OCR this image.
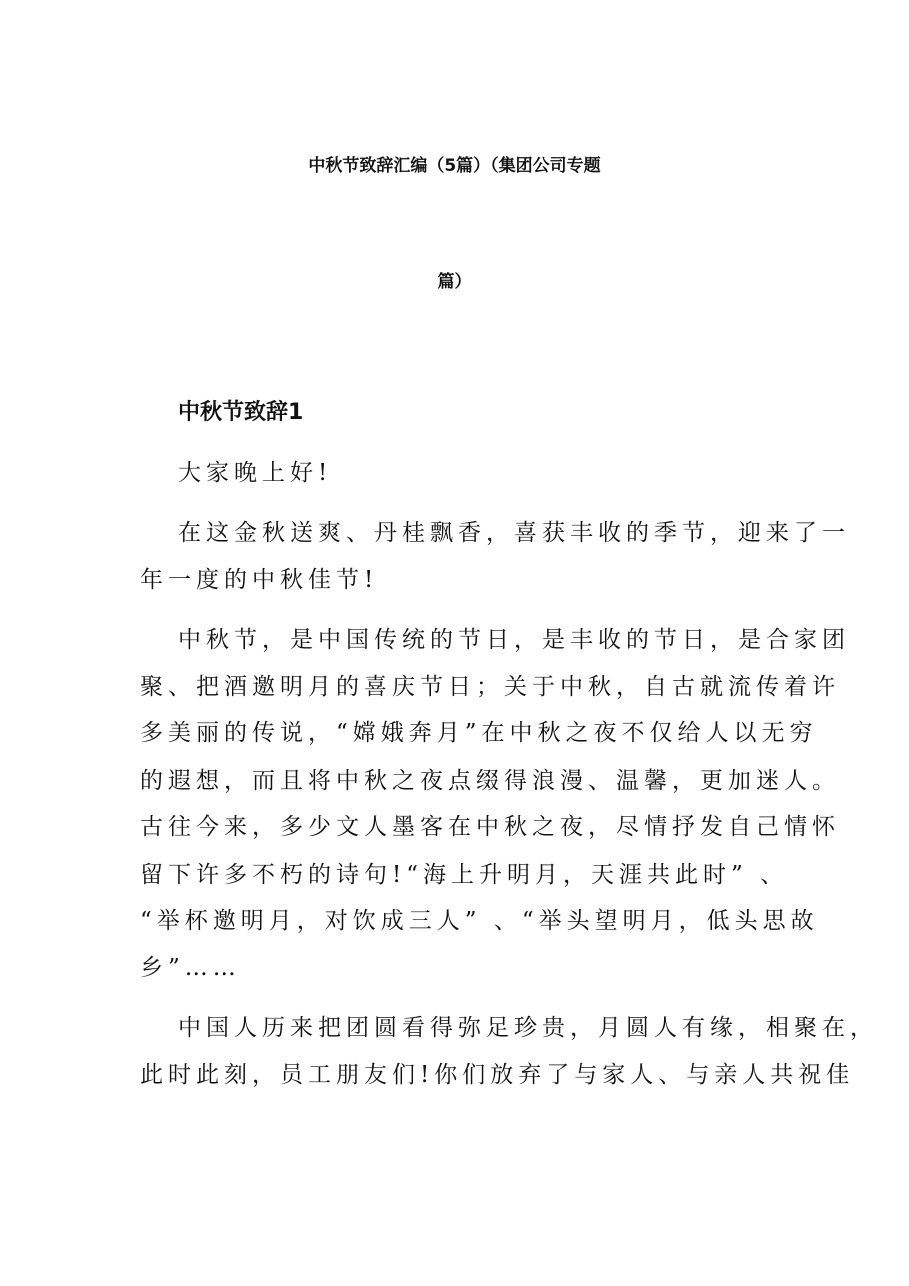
中秋节致辞汇编（5篇）（集团公司专题
篇）
中秋节致辞1

大家晚上好!

在这金秋送爽、丹桂飘香，喜获丰收的季节，迎来了一

年一度的中秋佳节!

中秋节，是中国传统的节日，是丰收的节日，是合家团

聚、把酒邀明月的喜庆节日；关于中秋，自古就流传着许

多美丽的传说，“嫦娥奔月”在中秋之夜不仅给人以无穷

的遐想，而且将中秋之夜点缀得浪漫、温馨，更加迷人。

古往今来，多少文人墨客在中秋之夜，尽情抒发自己情怀

留下许多不朽的诗句!“海上升明月，天涯共此时” 、

“举杯邀明月，对饮成三人” 、“举头望明月，低头思故

乡”……

中国人历来把团圆看得弥足珍贵，月圆人有缘，相聚在，

此时此刻，员工朋友们!你们放弃了与家人、与亲人共祝佳
